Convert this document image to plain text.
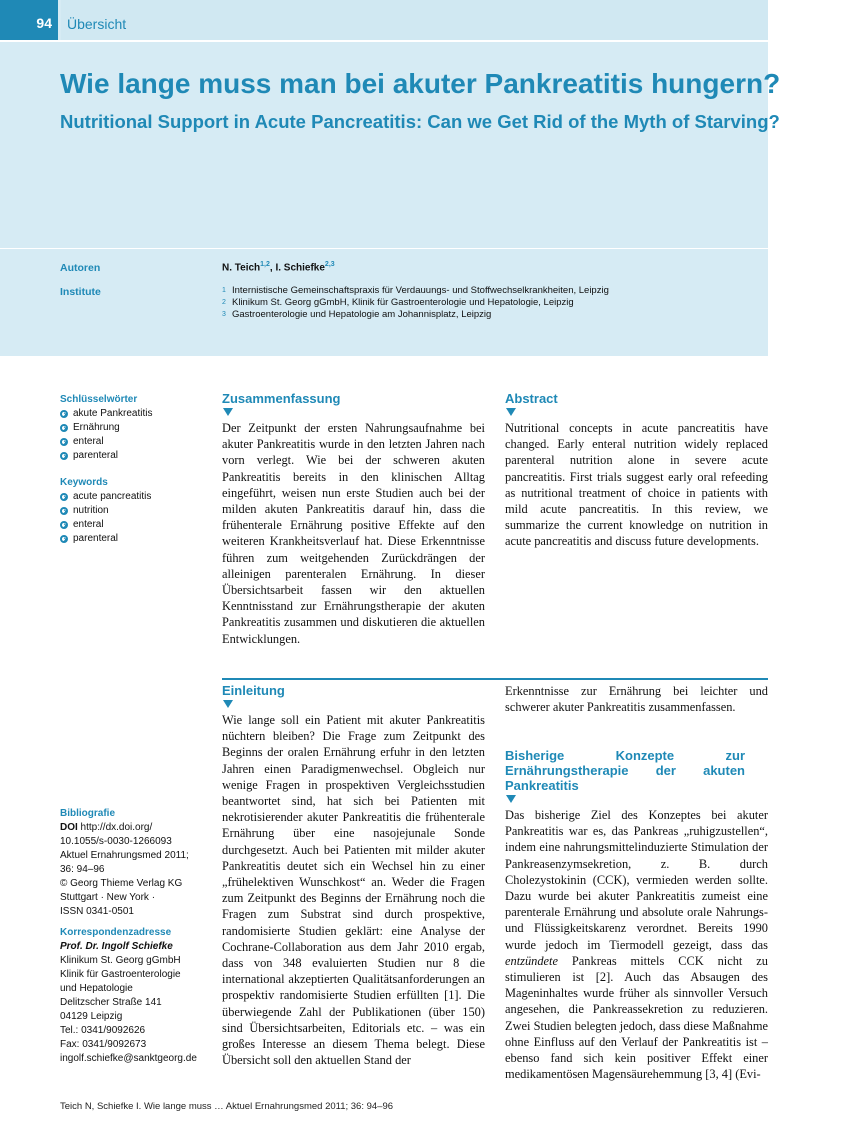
94	Übersicht
Wie lange muss man bei akuter Pankreatitis hungern?
Nutritional Support in Acute Pancreatitis: Can we Get Rid of the Myth of Starving?
Autoren	N. Teich$^{1,2}$, I. Schiefke$^{2,3}$
Institute	1 Internistische Gemeinschaftspraxis für Verdauungs- und Stoffwechselkrankheiten, Leipzig
2 Klinikum St. Georg gGmbH, Klinik für Gastroenterologie und Hepatologie, Leipzig
3 Gastroenterologie und Hepatologie am Johannisplatz, Leipzig
Schlüsselwörter
akute Pankreatitis
Ernährung
enteral
parenteral
Keywords
acute pancreatitis
nutrition
enteral
parenteral
Zusammenfassung

Der Zeitpunkt der ersten Nahrungsaufnahme bei akuter Pankreatitis wurde in den letzten Jahren nach vorn verlegt. Wie bei der schweren akuten Pankreatitis bereits in den klinischen Alltag eingeführt, weisen nun erste Studien auch bei der milden akuten Pankreatitis darauf hin, dass die frühenterale Ernährung positive Effekte auf den weiteren Krankheitsverlauf hat. Diese Erkenntnisse führen zum weitgehenden Zurückdrängen der alleinigen parenteralen Ernährung. In dieser Übersichtsarbeit fassen wir den aktuellen Kenntnisstand zur Ernährungstherapie der akuten Pankreatitis zusammen und diskutieren die aktuellen Entwicklungen.

Abstract

Nutritional concepts in acute pancreatitis have changed. Early enteral nutrition widely replaced parenteral nutrition alone in severe acute pancreatitis. First trials suggest early oral refeeding as nutritional treatment of choice in patients with mild acute pancreatitis. In this review, we summarize the current knowledge on nutrition in acute pancreatitis and discuss future developments.

Einleitung

Wie lange soll ein Patient mit akuter Pankreatitis nüchtern bleiben? Die Frage zum Zeitpunkt des Beginns der oralen Ernährung erfuhr in den letzten Jahren einen Paradigmenwechsel. Obgleich nur wenige Fragen in prospektiven Vergleichsstudien beantwortet sind, hat sich bei Patienten mit nekrotisierender akuter Pankreatitis die frühenterale Ernährung über eine nasojejunale Sonde durchgesetzt. Auch bei Patienten mit milder akuter Pankreatitis deutet sich ein Wechsel hin zu einer „frühelektiven Wunschkost“ an. Weder die Fragen zum Zeitpunkt des Beginns der Ernährung noch die Fragen zum Substrat sind durch prospektive, randomisierte Studien geklärt: eine Analyse der Cochrane-Collaboration aus dem Jahr 2010 ergab, dass von 348 evaluierten Studien nur 8 die international akzeptierten Qualitätsanforderungen an prospektiv randomisierte Studien erfüllten [1]. Die überwiegende Zahl der Publikationen (über 150) sind Übersichtsarbeiten, Editorials etc. – was ein großes Interesse an diesem Thema belegt. Diese Übersicht soll den aktuellen Stand der

Erkenntnisse zur Ernährung bei leichter und schwerer akuter Pankreatitis zusammenfassen.

Bisherige Konzepte zur Ernährungstherapie der akuten Pankreatitis

Das bisherige Ziel des Konzeptes bei akuter Pankreatitis war es, das Pankreas „ruhigzustellen“, indem eine nahrungsmittelinduzierte Stimulation der Pankreasenzymsekretion, z. B. durch Cholezystokinin (CCK), vermieden werden sollte. Dazu wurde bei akuter Pankreatitis zumeist eine parenterale Ernährung und absolute orale Nahrungs- und Flüssigkeitskarenz verordnet. Bereits 1990 wurde jedoch im Tiermodell gezeigt, dass das entzündete Pankreas mittels CCK nicht zu stimulieren ist [2]. Auch das Absaugen des Mageninhaltes wurde früher als sinnvoller Versuch angesehen, die Pankreassekretion zu reduzieren. Zwei Studien belegten jedoch, dass diese Maßnahme ohne Einfluss auf den Verlauf der Pankreatitis ist – ebenso fand sich kein positiver Effekt einer medikamentösen Magensäurehemmung [3, 4] (Evi-

Bibliografie
DOI http://dx.doi.org/
10.1055/s-0030-1266093
Aktuel Ernahrungsmed 2011;
36: 94–96
© Georg Thieme Verlag KG
Stuttgart · New York ·
ISSN 0341-0501
Korrespondenzadresse
Prof. Dr. Ingolf Schiefke
Klinikum St. Georg gGmbH
Klinik für Gastroenterologie
und Hepatologie
Delitzscher Straße 141
04129 Leipzig
Tel.: 0341/9092626
Fax: 0341/9092673
ingolf.schiefke@sanktgeorg.de
Teich N, Schiefke I. Wie lange muss … Aktuel Ernahrungsmed 2011; 36: 94–96
